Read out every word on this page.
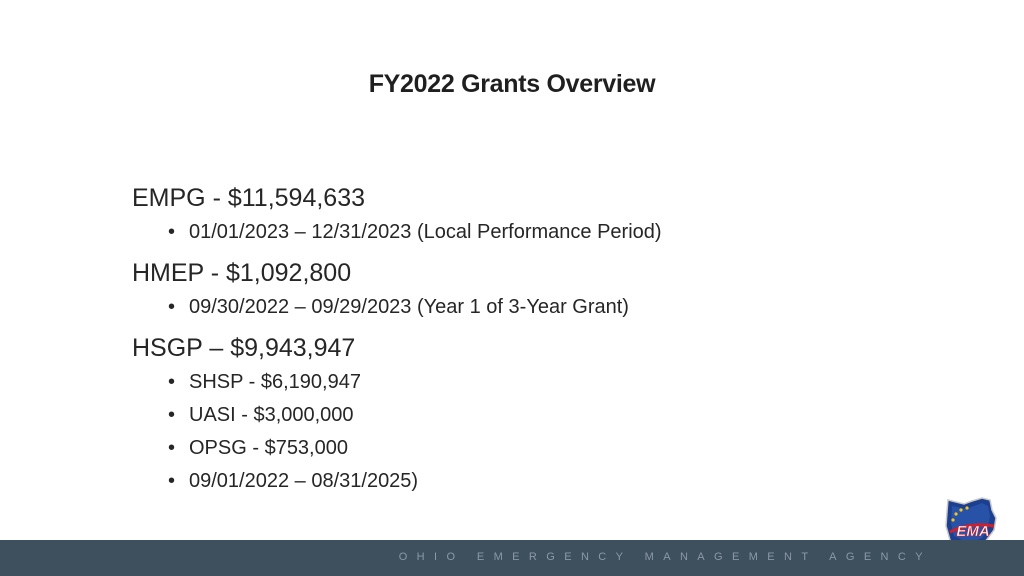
FY2022 Grants Overview

EMPG - $11,594,633

• 01/01/2023 – 12/31/2023 (Local Performance Period)

HMEP - $1,092,800

• 09/30/2022 – 09/29/2023 (Year 1 of 3-Year Grant)

HSGP – $9,943,947

• SHSP - $6,190,947
• UASI - $3,000,000
• OPSG - $753,000
• 09/01/2022 – 08/31/2025)
EMA
OHIO EMERGENCY MANAGEMENT AGENCY
